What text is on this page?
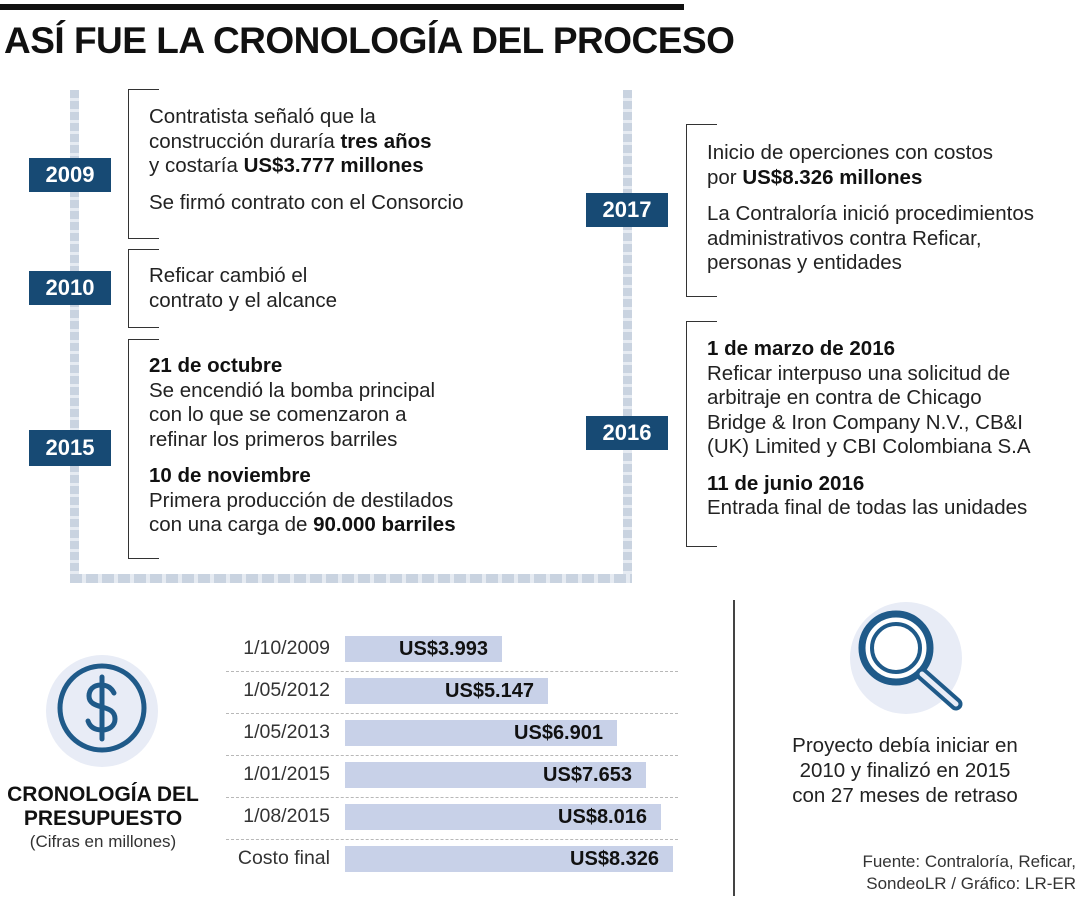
ASÍ FUE LA CRONOLOGÍA DEL PROCESO
2009
Contratista señaló que la
construcción duraría tres años
y costaría US$3.777 millones
Se firmó contrato con el Consorcio
2010	Reficar cambió el
contrato y el alcance
2015
21 de octubre
Se encendió la bomba principal
con lo que se comenzaron a
refinar los primeros barriles
10 de noviembre
Primera producción de destilados
con una carga de 90.000 barriles
2017
Inicio de operciones con costos
por US$8.326 millones
La Contraloría inició procedimientos
administrativos contra Reficar,
personas y entidades
2016
1 de marzo de 2016
Reficar interpuso una solicitud de
arbitraje en contra de Chicago
Bridge & Iron Company N.V., CB&I
(UK) Limited y CBI Colombiana S.A
11 de junio 2016
Entrada final de todas las unidades
CRONOLOGÍA DEL
PRESUPUESTO
(Cifras en millones)
1/10/2009	US$3.993
1/05/2012	US$5.147
1/05/2013	US$6.901
1/01/2015	US$7.653
1/08/2015	US$8.016
Costo final	US$8.326
Proyecto debía iniciar en
2010 y finalizó en 2015
con 27 meses de retraso
Fuente: Contraloría, Reficar,
SondeoLR / Gráfico: LR-ER
